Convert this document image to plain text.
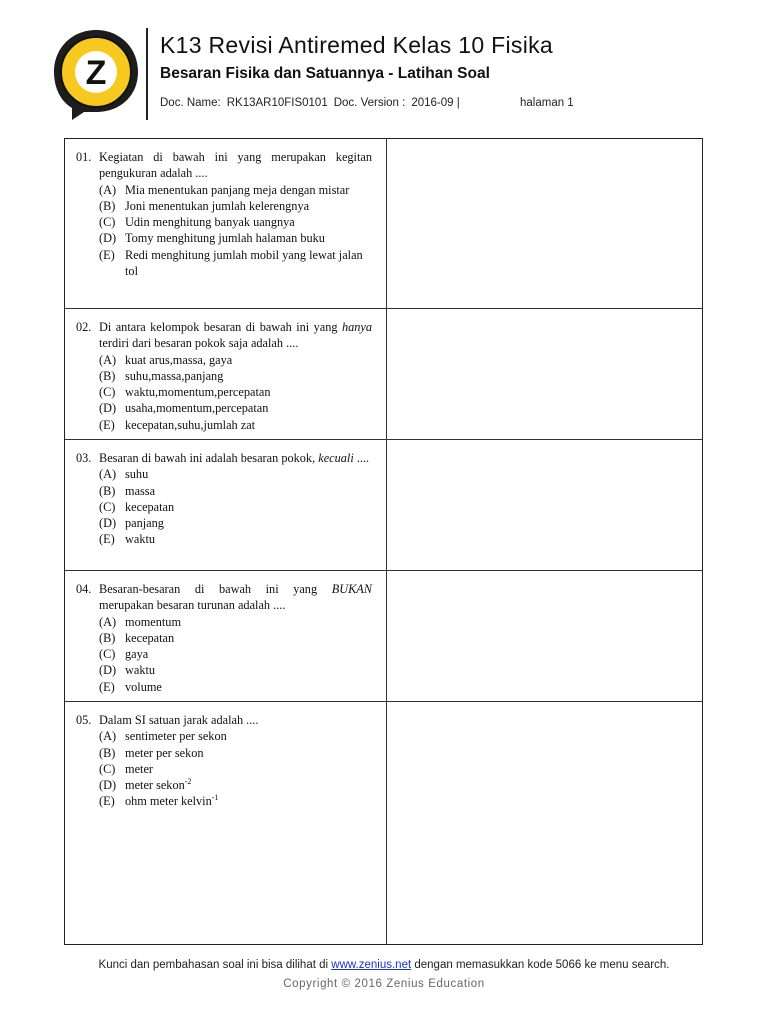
Z
K13 Revisi Antiremed Kelas 10 Fisika
Besaran Fisika dan Satuannya - Latihan Soal
Doc. Name: RK13AR10FIS0101 Doc. Version : 2016-09 |	halaman 1
01. Kegiatan di bawah ini yang merupakan kegitan pengukuran adalah ....
(A) Mia menentukan panjang meja dengan mistar
(B) Joni menentukan jumlah kelerengnya
(C) Udin menghitung banyak uangnya
(D) Tomy menghitung jumlah halaman buku
(E) Redi menghitung jumlah mobil yang lewat jalan tol
02. Di antara kelompok besaran di bawah ini yang hanya terdiri dari besaran pokok saja adalah ....
(A) kuat arus,massa, gaya
(B) suhu,massa,panjang
(C) waktu,momentum,percepatan
(D) usaha,momentum,percepatan
(E) kecepatan,suhu,jumlah zat
03. Besaran di bawah ini adalah besaran pokok, kecuali ....
(A) suhu
(B) massa
(C) kecepatan
(D) panjang
(E) waktu
04. Besaran-besaran di bawah ini yang BUKAN merupakan besaran turunan adalah ....
(A) momentum
(B) kecepatan
(C) gaya
(D) waktu
(E) volume
05. Dalam SI satuan jarak adalah ....
(A) sentimeter per sekon
(B) meter per sekon
(C) meter
(D) meter sekon$^{-2}$
(E) ohm meter kelvin$^{-1}$
Kunci dan pembahasan soal ini bisa dilihat di www.zenius.net dengan memasukkan kode 5066 ke menu search.
Copyright © 2016 Zenius Education
